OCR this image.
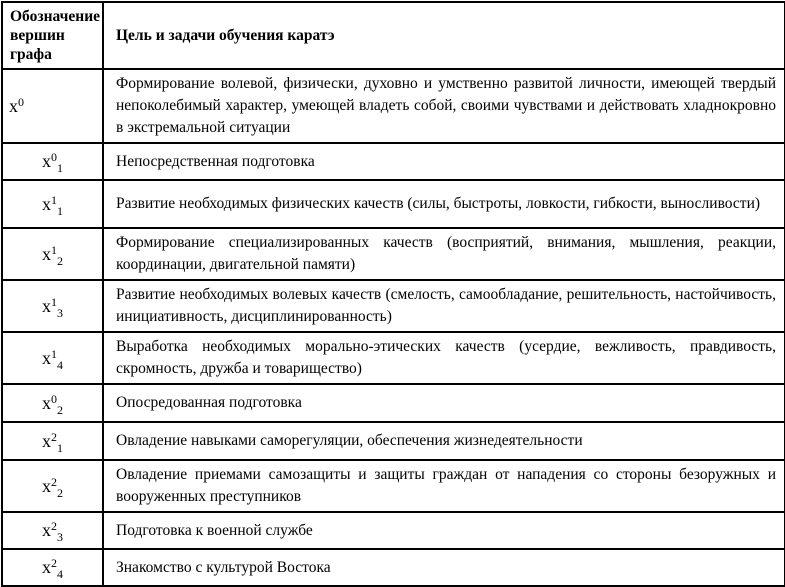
Обозначение вершин графа	Цель и задачи обучения каратэ
$x^0$	Формирование волевой, физически, духовно и умственно развитой личности, имеющей твердый непоколебимый характер, умеющей владеть собой, своими чувствами и действовать хладнокровно в экстремальной ситуации
$x^0_1$	Непосредственная подготовка
$x^1_1$	Развитие необходимых физических качеств (силы, быстроты, ловкости, гибкости, выносливости)
$x^1_2$	Формирование специализированных качеств (восприятий, внимания, мышления, реакции, координации, двигательной памяти)
$x^1_3$	Развитие необходимых волевых качеств (смелость, самообладание, решительность, настойчивость, инициативность, дисциплинированность)
$x^1_4$	Выработка необходимых морально-этических качеств (усердие, вежливость, правдивость, скромность, дружба и товарищество)
$x^0_2$	Опосредованная подготовка
$x^2_1$	Овладение навыками саморегуляции, обеспечения жизнедеятельности
$x^2_2$	Овладение приемами самозащиты и защиты граждан от нападения со стороны безоружных и вооруженных преступников
$x^2_3$	Подготовка к военной службе
$x^2_4$	Знакомство с культурой Востока
